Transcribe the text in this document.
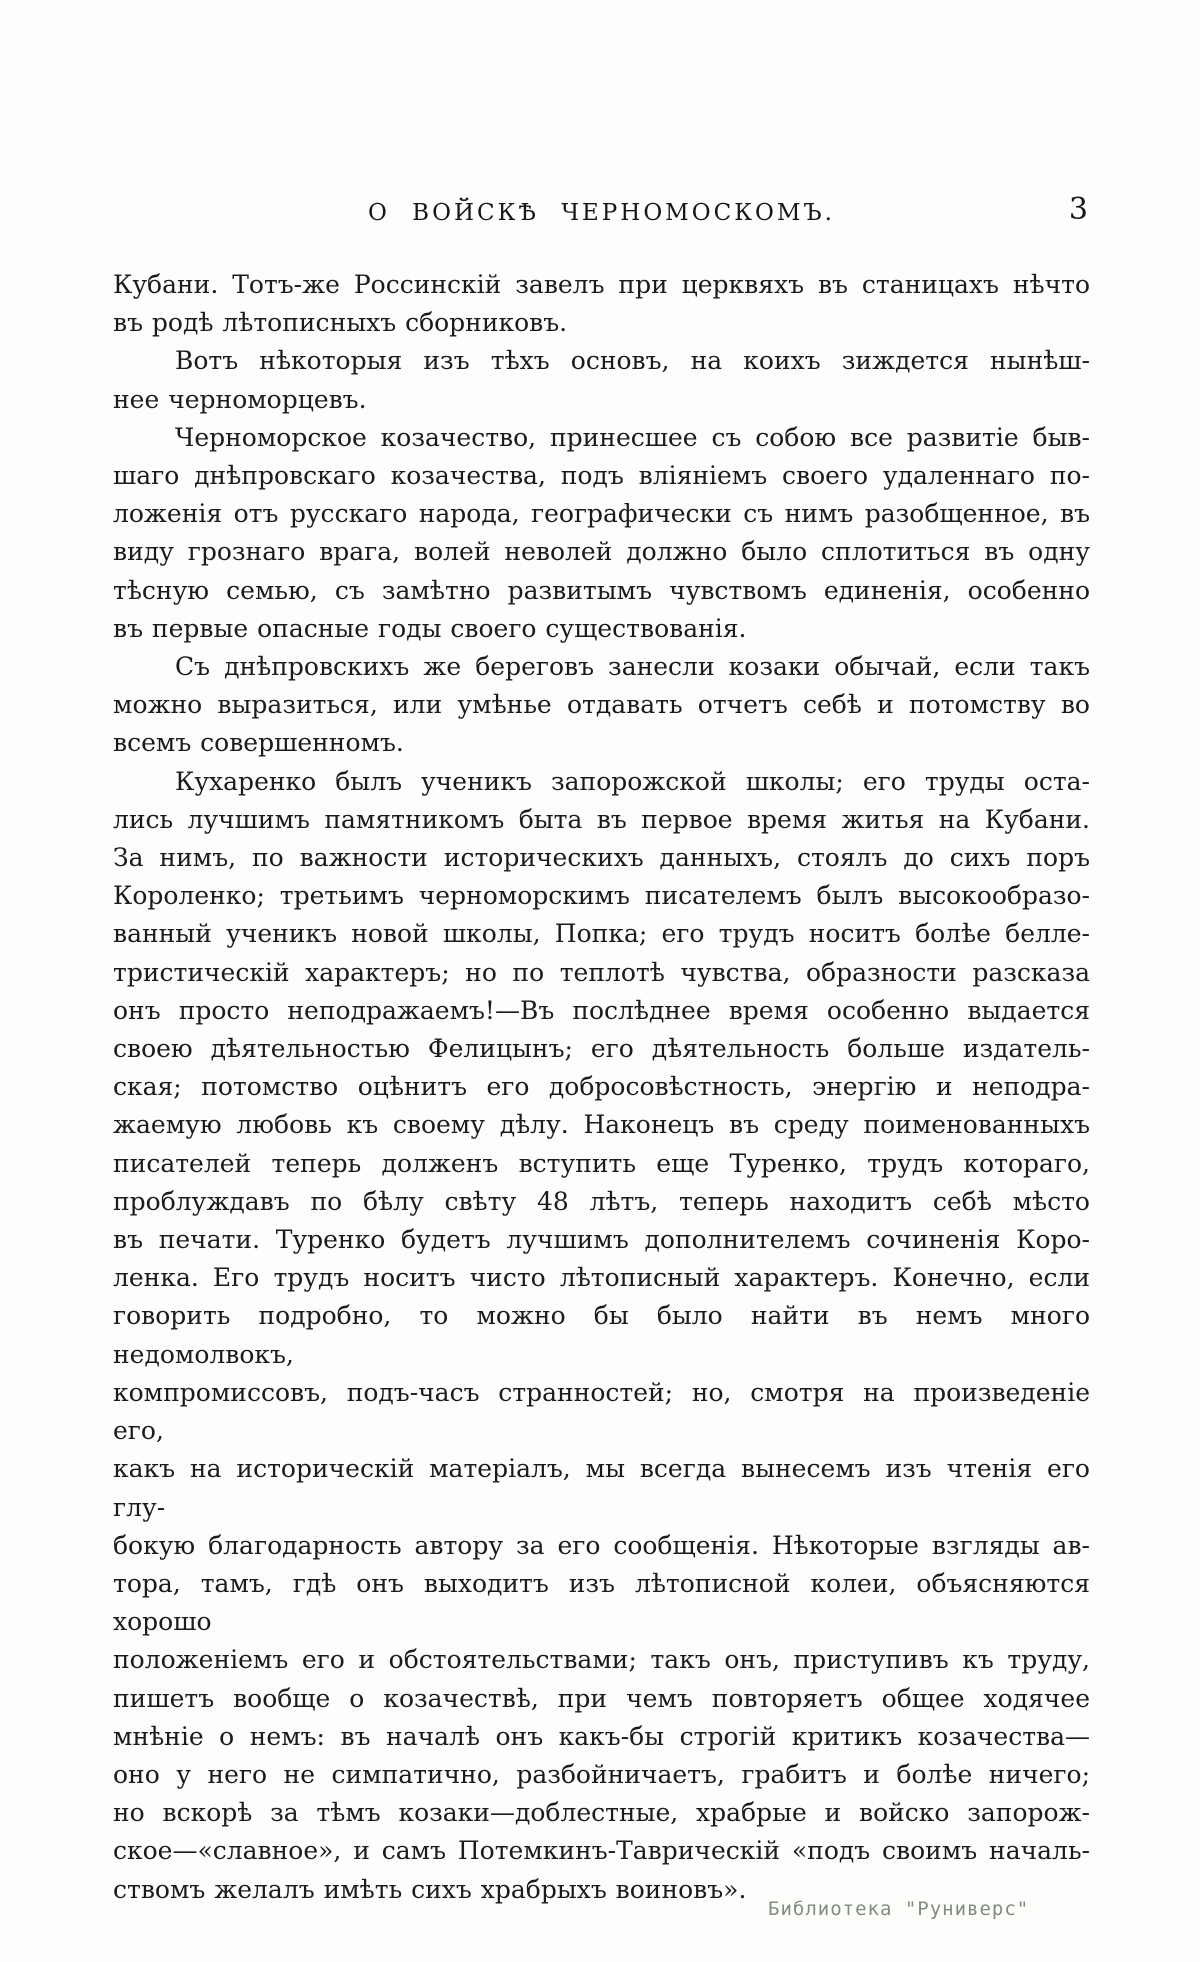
О ВОЙСКѢ ЧЕРНОМОСКОМЪ.	3
Кубани. Тотъ-же Россинскій завелъ при церквяхъ въ станицахъ нѣчто
въ родѣ лѣтописныхъ сборниковъ.
Вотъ нѣкоторыя изъ тѣхъ основъ, на коихъ зиждется нынѣш-
нее черноморцевъ.
Черноморское козачество, принесшее съ собою все развитіе быв-
шаго днѣпровскаго козачества, подъ вліяніемъ своего удаленнаго по-
ложенія отъ русскаго народа, географически съ нимъ разобщенное, въ
виду грознаго врага, волей неволей должно было сплотиться въ одну
тѣсную семью, съ замѣтно развитымъ чувствомъ единенія, особенно
въ первые опасные годы своего существованія.
Съ днѣпровскихъ же береговъ занесли козаки обычай, если такъ
можно выразиться, или умѣнье отдавать отчетъ себѣ и потомству во
всемъ совершенномъ.
Кухаренко былъ ученикъ запорожской школы; его труды оста-
лись лучшимъ памятникомъ быта въ первое время житья на Кубани.
За нимъ, по важности историческихъ данныхъ, стоялъ до сихъ поръ
Короленко; третьимъ черноморскимъ писателемъ былъ высокообразо-
ванный ученикъ новой школы, Попка; его трудъ носитъ болѣе белле-
тристическій характеръ; но по теплотѣ чувства, образности разсказа
онъ просто неподражаемъ!—Въ послѣднее время особенно выдается
своею дѣятельностью Фелицынъ; его дѣятельность больше издатель-
ская; потомство оцѣнитъ его добросовѣстность, энергію и неподра-
жаемую любовь къ своему дѣлу. Наконецъ въ среду поименованныхъ
писателей теперь долженъ вступить еще Туренко, трудъ котораго,
проблуждавъ по бѣлу свѣту 48 лѣтъ, теперь находитъ себѣ мѣсто
въ печати. Туренко будетъ лучшимъ дополнителемъ сочиненія Коро-
ленка. Его трудъ носитъ чисто лѣтописный характеръ. Конечно, если
говорить подробно, то можно бы было найти въ немъ много недомолвокъ,
компромиссовъ, подъ-часъ странностей; но, смотря на произведеніе его,
какъ на историческій матеріалъ, мы всегда вынесемъ изъ чтенія его глу-
бокую благодарность автору за его сообщенія. Нѣкоторые взгляды ав-
тора, тамъ, гдѣ онъ выходитъ изъ лѣтописной колеи, объясняются хорошо
положеніемъ его и обстоятельствами; такъ онъ, приступивъ къ труду,
пишетъ вообще о козачествѣ, при чемъ повторяетъ общее ходячее
мнѣніе о немъ: въ началѣ онъ какъ-бы строгій критикъ козачества—
оно у него не симпатично, разбойничаетъ, грабитъ и болѣе ничего;
но вскорѣ за тѣмъ козаки—доблестные, храбрые и войско запорож-
ское—«славное», и самъ Потемкинъ-Таврическій «подъ своимъ началь-
ствомъ желалъ имѣть сихъ храбрыхъ воиновъ».
Библиотека "Руниверс"
